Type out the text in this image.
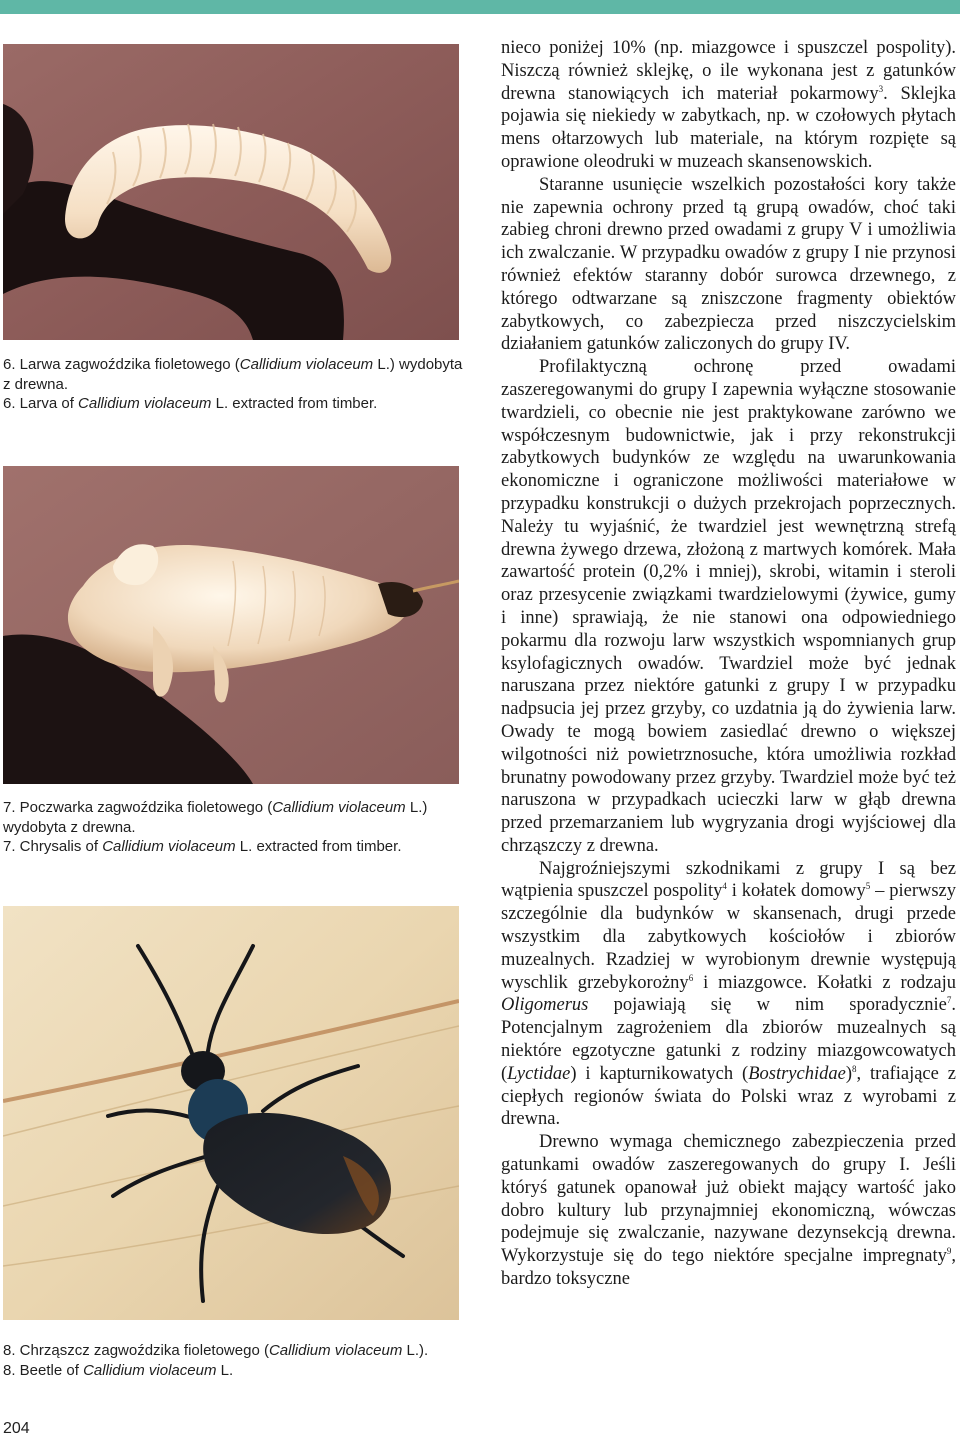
6. Larwa zagwoździka fioletowego (Callidium violaceum L.) wydobyta z drewna.

6. Larva of Callidium violaceum L. extracted from timber.

7. Poczwarka zagwoździka fioletowego (Callidium violaceum L.) wydobyta z drewna.

7. Chrysalis of Callidium violaceum L. extracted from timber.

8. Chrząszcz zagwoździka fioletowego (Callidium violaceum L.).

8. Beetle of Callidium violaceum L.

204

nieco poniżej 10% (np. miazgowce i spuszczel pospolity). Niszczą również sklejkę, o ile wykonana jest z gatunków drewna stanowiących ich materiał pokarmowy$^3$. Sklejka pojawia się niekiedy w zabytkach, np. w czołowych płytach mens ołtarzowych lub materiale, na którym rozpięte są oprawione oleodruki w muzeach skansenowskich.

Staranne usunięcie wszelkich pozostałości kory także nie zapewnia ochrony przed tą grupą owadów, choć taki zabieg chroni drewno przed owadami z grupy V i umożliwia ich zwalczanie. W przypadku owadów z grupy I nie przynosi również efektów staranny dobór surowca drzewnego, z którego odtwarzane są zniszczone fragmenty obiektów zabytkowych, co zabezpiecza przed niszczycielskim działaniem gatunków zaliczonych do grupy IV.

Profilaktyczną ochronę przed owadami zaszeregowanymi do grupy I zapewnia wyłączne stosowanie twardzieli, co obecnie nie jest praktykowane zarówno we współczesnym budownictwie, jak i przy rekonstrukcji zabytkowych budynków ze względu na uwarunkowania ekonomiczne i ograniczone możliwości materiałowe w przypadku konstrukcji o dużych przekrojach poprzecznych. Należy tu wyjaśnić, że twardziel jest wewnętrzną strefą drewna żywego drzewa, złożoną z martwych komórek. Mała zawartość protein (0,2% i mniej), skrobi, witamin i steroli oraz przesycenie związkami twardzielowymi (żywice, gumy i inne) sprawiają, że nie stanowi ona odpowiedniego pokarmu dla rozwoju larw wszystkich wspomnianych grup ksylofagicznych owadów. Twardziel może być jednak naruszana przez niektóre gatunki z grupy I w przypadku nadpsucia jej przez grzyby, co uzdatnia ją do żywienia larw. Owady te mogą bowiem zasiedlać drewno o większej wilgotności niż powietrznosuche, która umożliwia rozkład brunatny powodowany przez grzyby. Twardziel może być też naruszona w przypadkach ucieczki larw w głąb drewna przed przemarzaniem lub wygryzania drogi wyjściowej dla chrząszczy z drewna.

Najgroźniejszymi szkodnikami z grupy I są bez wątpienia spuszczel pospolity$^4$ i kołatek domowy$^5$ – pierwszy szczególnie dla budynków w skansenach, drugi przede wszystkim dla zabytkowych kościołów i zbiorów muzealnych. Rzadziej w wyrobionym drewnie występują wyschlik grzebykorożny$^6$ i miazgowce. Kołatki z rodzaju Oligomerus pojawiają się w nim sporadycznie$^7$. Potencjalnym zagrożeniem dla zbiorów muzealnych są niektóre egzotyczne gatunki z rodziny miazgowcowatych (Lyctidae) i kapturnikowatych (Bostrychidae)$^8$, trafiające z ciepłych regionów świata do Polski wraz z wyrobami z drewna.

Drewno wymaga chemicznego zabezpieczenia przed gatunkami owadów zaszeregowanych do grupy I. Jeśli któryś gatunek opanował już obiekt mający wartość jako dobro kultury lub przynajmniej ekonomiczną, wówczas podejmuje się zwalczanie, nazywane dezynsekcją drewna. Wykorzystuje się do tego niektóre specjalne impregnaty$^9$, bardzo toksyczne
